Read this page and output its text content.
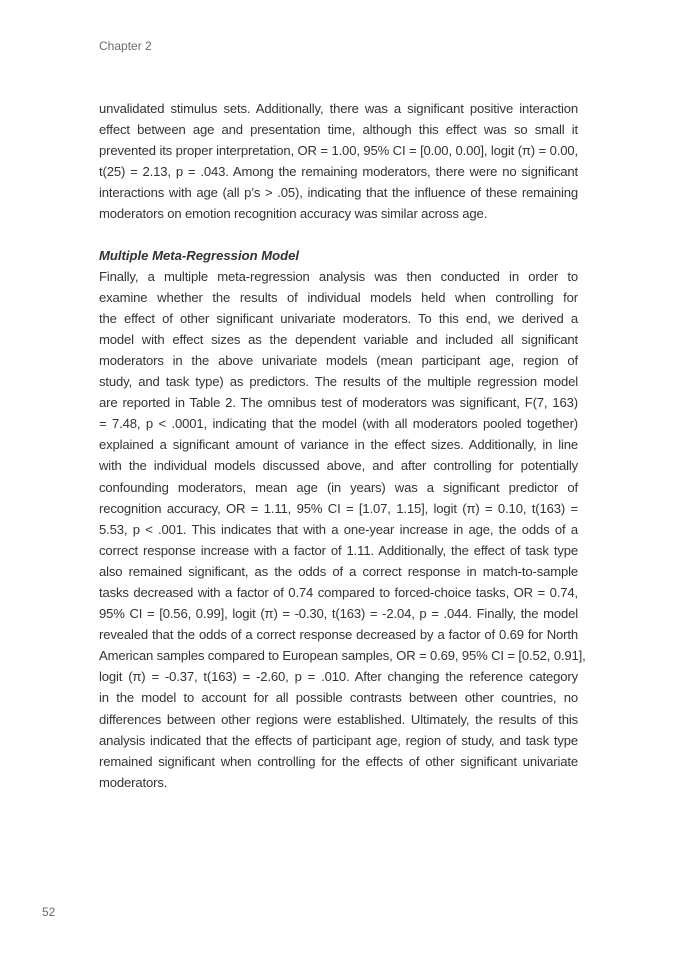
Chapter 2
unvalidated stimulus sets. Additionally, there was a significant positive interaction
effect between age and presentation time, although this effect was so small it
prevented its proper interpretation, OR = 1.00, 95% CI = [0.00, 0.00], logit (π) = 0.00,
t(25) = 2.13, p = .043. Among the remaining moderators, there were no significant
interactions with age (all p’s > .05), indicating that the influence of these remaining
moderators on emotion recognition accuracy was similar across age.
Multiple Meta-Regression Model
Finally, a multiple meta-regression analysis was then conducted in order to
examine whether the results of individual models held when controlling for
the effect of other significant univariate moderators. To this end, we derived a
model with effect sizes as the dependent variable and included all significant
moderators in the above univariate models (mean participant age, region of
study, and task type) as predictors. The results of the multiple regression model
are reported in Table 2. The omnibus test of moderators was significant, F(7, 163)
= 7.48, p < .0001, indicating that the model (with all moderators pooled together)
explained a significant amount of variance in the effect sizes. Additionally, in line
with the individual models discussed above, and after controlling for potentially
confounding moderators, mean age (in years) was a significant predictor of
recognition accuracy, OR = 1.11, 95% CI = [1.07, 1.15], logit (π) = 0.10, t(163) =
5.53, p < .001. This indicates that with a one-year increase in age, the odds of a
correct response increase with a factor of 1.11. Additionally, the effect of task type
also remained significant, as the odds of a correct response in match-to-sample
tasks decreased with a factor of 0.74 compared to forced-choice tasks, OR = 0.74,
95% CI = [0.56, 0.99], logit (π) = -0.30, t(163) = -2.04, p = .044. Finally, the model
revealed that the odds of a correct response decreased by a factor of 0.69 for North
American samples compared to European samples, OR = 0.69, 95% CI = [0.52, 0.91],
logit (π) = -0.37, t(163) = -2.60, p = .010. After changing the reference category
in the model to account for all possible contrasts between other countries, no
differences between other regions were established. Ultimately, the results of this
analysis indicated that the effects of participant age, region of study, and task type
remained significant when controlling for the effects of other significant univariate
moderators.
52
